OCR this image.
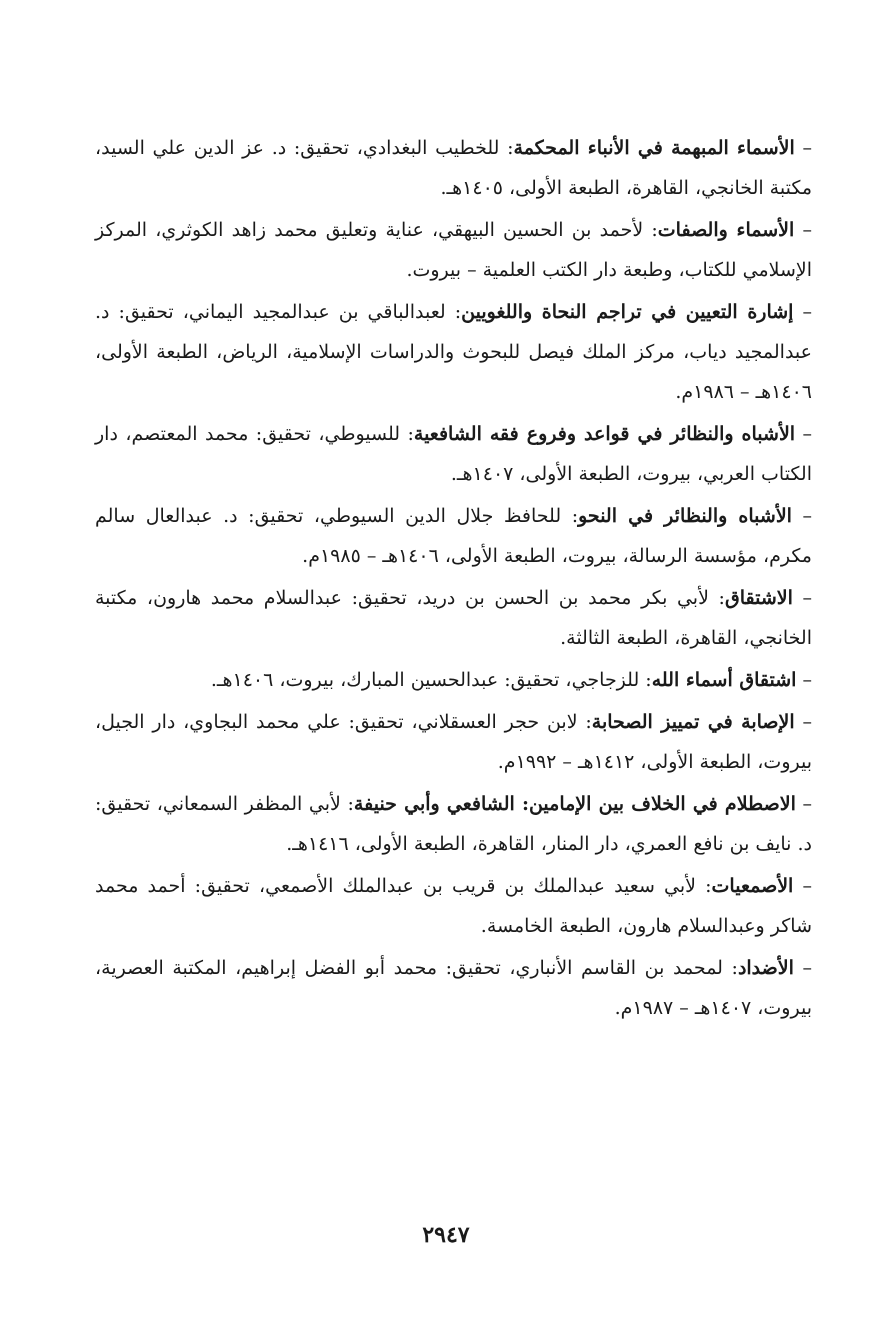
– الأسماء المبهمة في الأنباء المحكمة: للخطيب البغدادي، تحقيق: د. عز الدين علي السيد، مكتبة الخانجي، القاهرة، الطبعة الأولى، ١٤٠٥هـ.
– الأسماء والصفات: لأحمد بن الحسين البيهقي، عناية وتعليق محمد زاهد الكوثري، المركز الإسلامي للكتاب، وطبعة دار الكتب العلمية – بيروت.
– إشارة التعيين في تراجم النحاة واللغويين: لعبدالباقي بن عبدالمجيد اليماني، تحقيق: د. عبدالمجيد دياب، مركز الملك فيصل للبحوث والدراسات الإسلامية، الرياض، الطبعة الأولى، ١٤٠٦هـ – ١٩٨٦م.
– الأشباه والنظائر في قواعد وفروع فقه الشافعية: للسيوطي، تحقيق: محمد المعتصم، دار الكتاب العربي، بيروت، الطبعة الأولى، ١٤٠٧هـ.
– الأشباه والنظائر في النحو: للحافظ جلال الدين السيوطي، تحقيق: د. عبدالعال سالم مكرم، مؤسسة الرسالة، بيروت، الطبعة الأولى، ١٤٠٦هـ – ١٩٨٥م.
– الاشتقاق: لأبي بكر محمد بن الحسن بن دريد، تحقيق: عبدالسلام محمد هارون، مكتبة الخانجي، القاهرة، الطبعة الثالثة.
– اشتقاق أسماء الله: للزجاجي، تحقيق: عبدالحسين المبارك، بيروت، ١٤٠٦هـ.
– الإصابة في تمييز الصحابة: لابن حجر العسقلاني، تحقيق: علي محمد البجاوي، دار الجيل، بيروت، الطبعة الأولى، ١٤١٢هـ – ١٩٩٢م.
– الاصطلام في الخلاف بين الإمامين: الشافعي وأبي حنيفة: لأبي المظفر السمعاني، تحقيق: د. نايف بن نافع العمري، دار المنار، القاهرة، الطبعة الأولى، ١٤١٦هـ.
– الأصمعيات: لأبي سعيد عبدالملك بن قريب بن عبدالملك الأصمعي، تحقيق: أحمد محمد شاكر وعبدالسلام هارون، الطبعة الخامسة.
– الأضداد: لمحمد بن القاسم الأنباري، تحقيق: محمد أبو الفضل إبراهيم، المكتبة العصرية، بيروت، ١٤٠٧هـ – ١٩٨٧م.
٢٩٤٧
